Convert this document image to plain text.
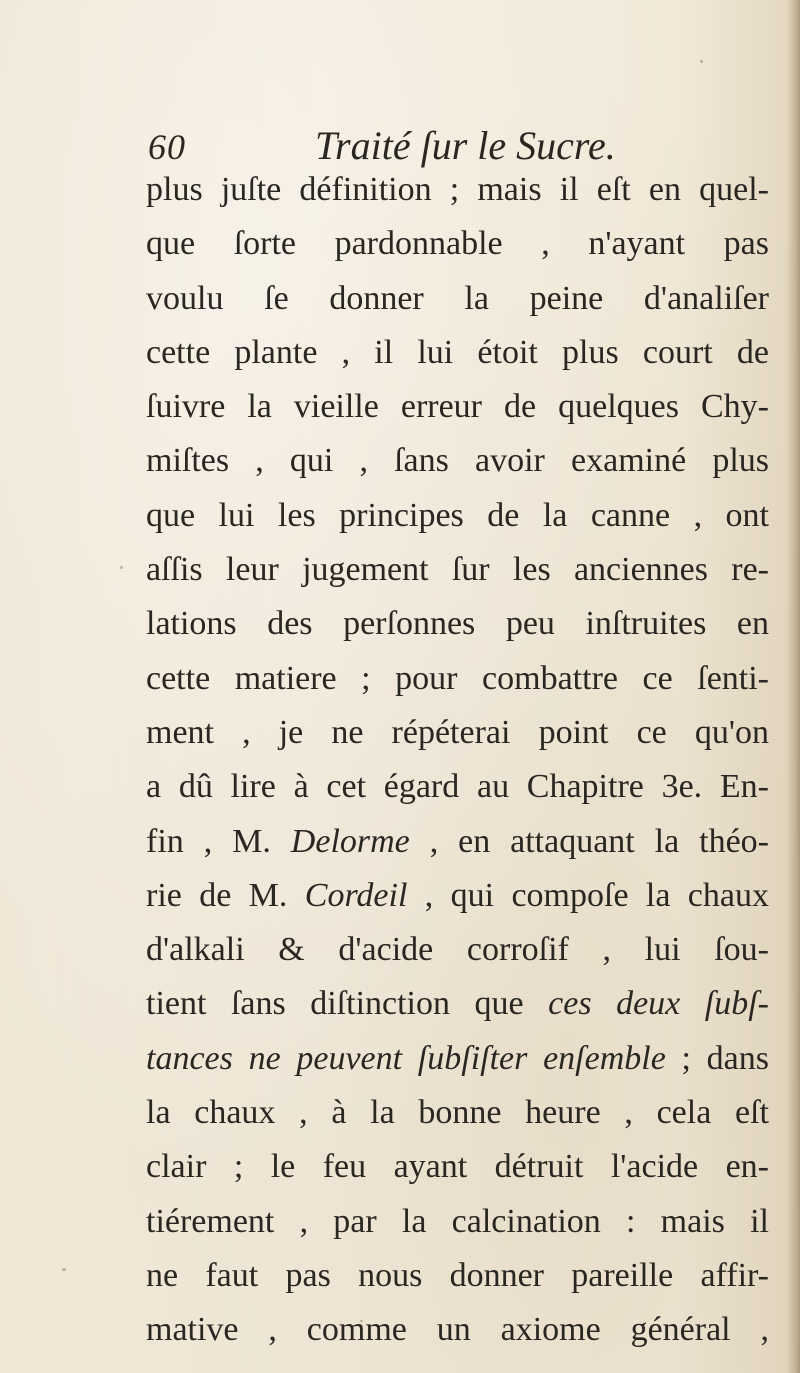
60	Traité ſur le Sucre.
plus juſte définition ; mais il eſt en quel-
que ſorte pardonnable , n'ayant pas
voulu ſe donner la peine d'analiſer
cette plante , il lui étoit plus court de
ſuivre la vieille erreur de quelques Chy-
miſtes , qui , ſans avoir examiné plus
que lui les principes de la canne , ont
aſſis leur jugement ſur les anciennes re-
lations des perſonnes peu inſtruites en
cette matiere ; pour combattre ce ſenti-
ment , je ne répéterai point ce qu'on
a dû lire à cet égard au Chapitre 3e. En-
fin , M. Delorme , en attaquant la théo-
rie de M. Cordeil , qui compoſe la chaux
d'alkali & d'acide corroſif , lui ſou-
tient ſans diſtinction que ces deux ſubſ-
tances ne peuvent ſubſiſter enſemble ; dans
la chaux , à la bonne heure , cela eſt
clair ; le feu ayant détruit l'acide en-
tiérement , par la calcination : mais il
ne faut pas nous donner pareille affir-
mative , comme un axiome général ,
